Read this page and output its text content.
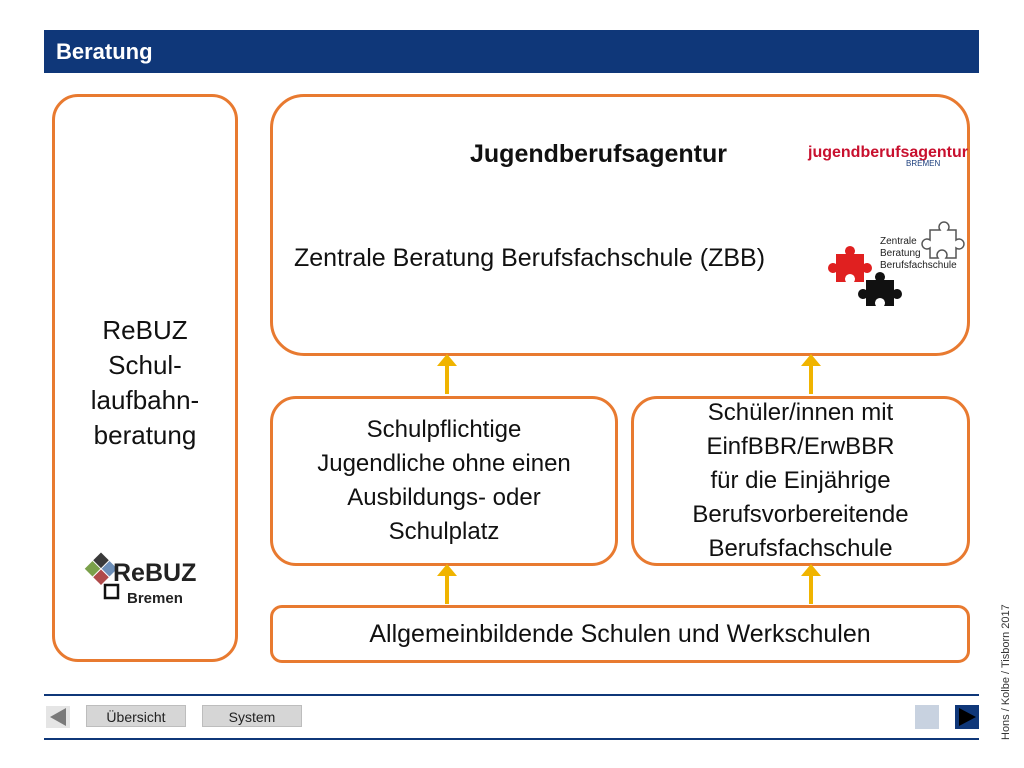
Beratung
ReBUZ
Schul-
laufbahn-
beratung
ReBUZ
Bremen
Jugendberufsagentur	jugendberufsagentur
BREMEN
Zentrale Beratung Berufsfachschule (ZBB)
Zentrale
Beratung
Berufsfachschule
Schulpflichtige
Jugendliche ohne einen
Ausbildungs- oder
Schulplatz
Schüler/innen mit
EinfBBR/ErwBBR
für die Einjährige
Berufsvorbereitende
Berufsfachschule
Allgemeinbildende Schulen und Werkschulen
Übersicht	System	Hons / Kolbe / Tisborn 2017
